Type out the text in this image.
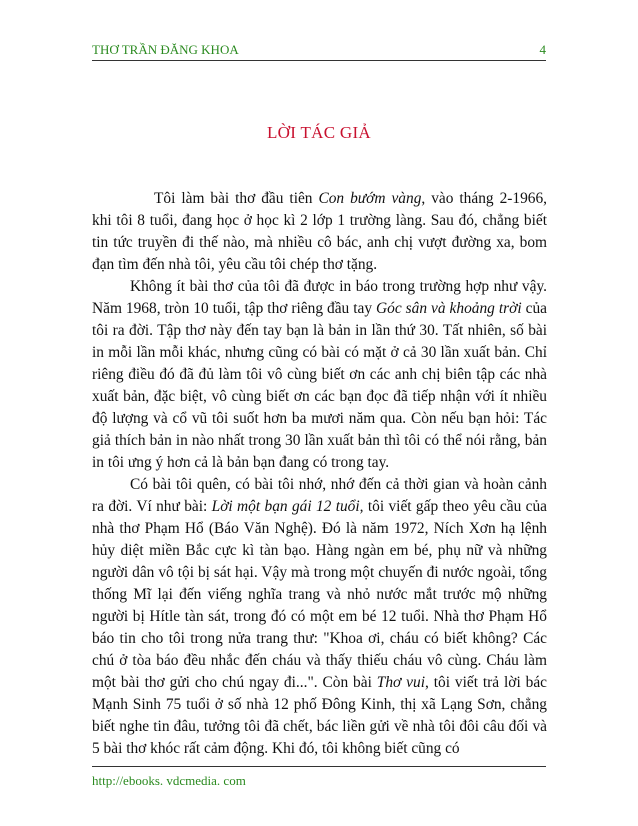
THƠ TRẦN ĐĂNG KHOA	4
LỜI TÁC GIẢ

Tôi làm bài thơ đầu tiên Con bướm vàng, vào tháng 2-1966, khi tôi 8 tuổi, đang học ở học kì 2 lớp 1 trường làng. Sau đó, chẳng biết tin tức truyền đi thế nào, mà nhiều cô bác, anh chị vượt đường xa, bom đạn tìm đến nhà tôi, yêu cầu tôi chép thơ tặng.

Không ít bài thơ của tôi đã được in báo trong trường hợp như vậy. Năm 1968, tròn 10 tuổi, tập thơ riêng đầu tay Góc sân và khoảng trời của tôi ra đời. Tập thơ này đến tay bạn là bản in lần thứ 30. Tất nhiên, số bài in mỗi lần mỗi khác, nhưng cũng có bài có mặt ở cả 30 lần xuất bản. Chỉ riêng điều đó đã đủ làm tôi vô cùng biết ơn các anh chị biên tập các nhà xuất bản, đặc biệt, vô cùng biết ơn các bạn đọc đã tiếp nhận với ít nhiều độ lượng và cổ vũ tôi suốt hơn ba mươi năm qua. Còn nếu bạn hỏi: Tác giả thích bản in nào nhất trong 30 lần xuất bản thì tôi có thể nói rằng, bản in tôi ưng ý hơn cả là bản bạn đang có trong tay.

Có bài tôi quên, có bài tôi nhớ, nhớ đến cả thời gian và hoàn cảnh ra đời. Ví như bài: Lời một bạn gái 12 tuổi, tôi viết gấp theo yêu cầu của nhà thơ Phạm Hổ (Báo Văn Nghệ). Đó là năm 1972, Ních Xơn hạ lệnh hủy diệt miền Bắc cực kì tàn bạo. Hàng ngàn em bé, phụ nữ và những người dân vô tội bị sát hại. Vậy mà trong một chuyến đi nước ngoài, tổng thống Mĩ lại đến viếng nghĩa trang và nhỏ nước mắt trước mộ những người bị Hítle tàn sát, trong đó có một em bé 12 tuổi. Nhà thơ Phạm Hổ báo tin cho tôi trong nửa trang thư: "Khoa ơi, cháu có biết không? Các chú ở tòa báo đều nhắc đến cháu và thấy thiếu cháu vô cùng. Cháu làm một bài thơ gửi cho chú ngay đi...". Còn bài Thơ vui, tôi viết trả lời bác Mạnh Sinh 75 tuổi ở số nhà 12 phố Đông Kinh, thị xã Lạng Sơn, chẳng biết nghe tin đâu, tưởng tôi đã chết, bác liền gửi về nhà tôi đôi câu đối và 5 bài thơ khóc rất cảm động. Khi đó, tôi không biết cũng có

http://ebooks. vdcmedia. com
